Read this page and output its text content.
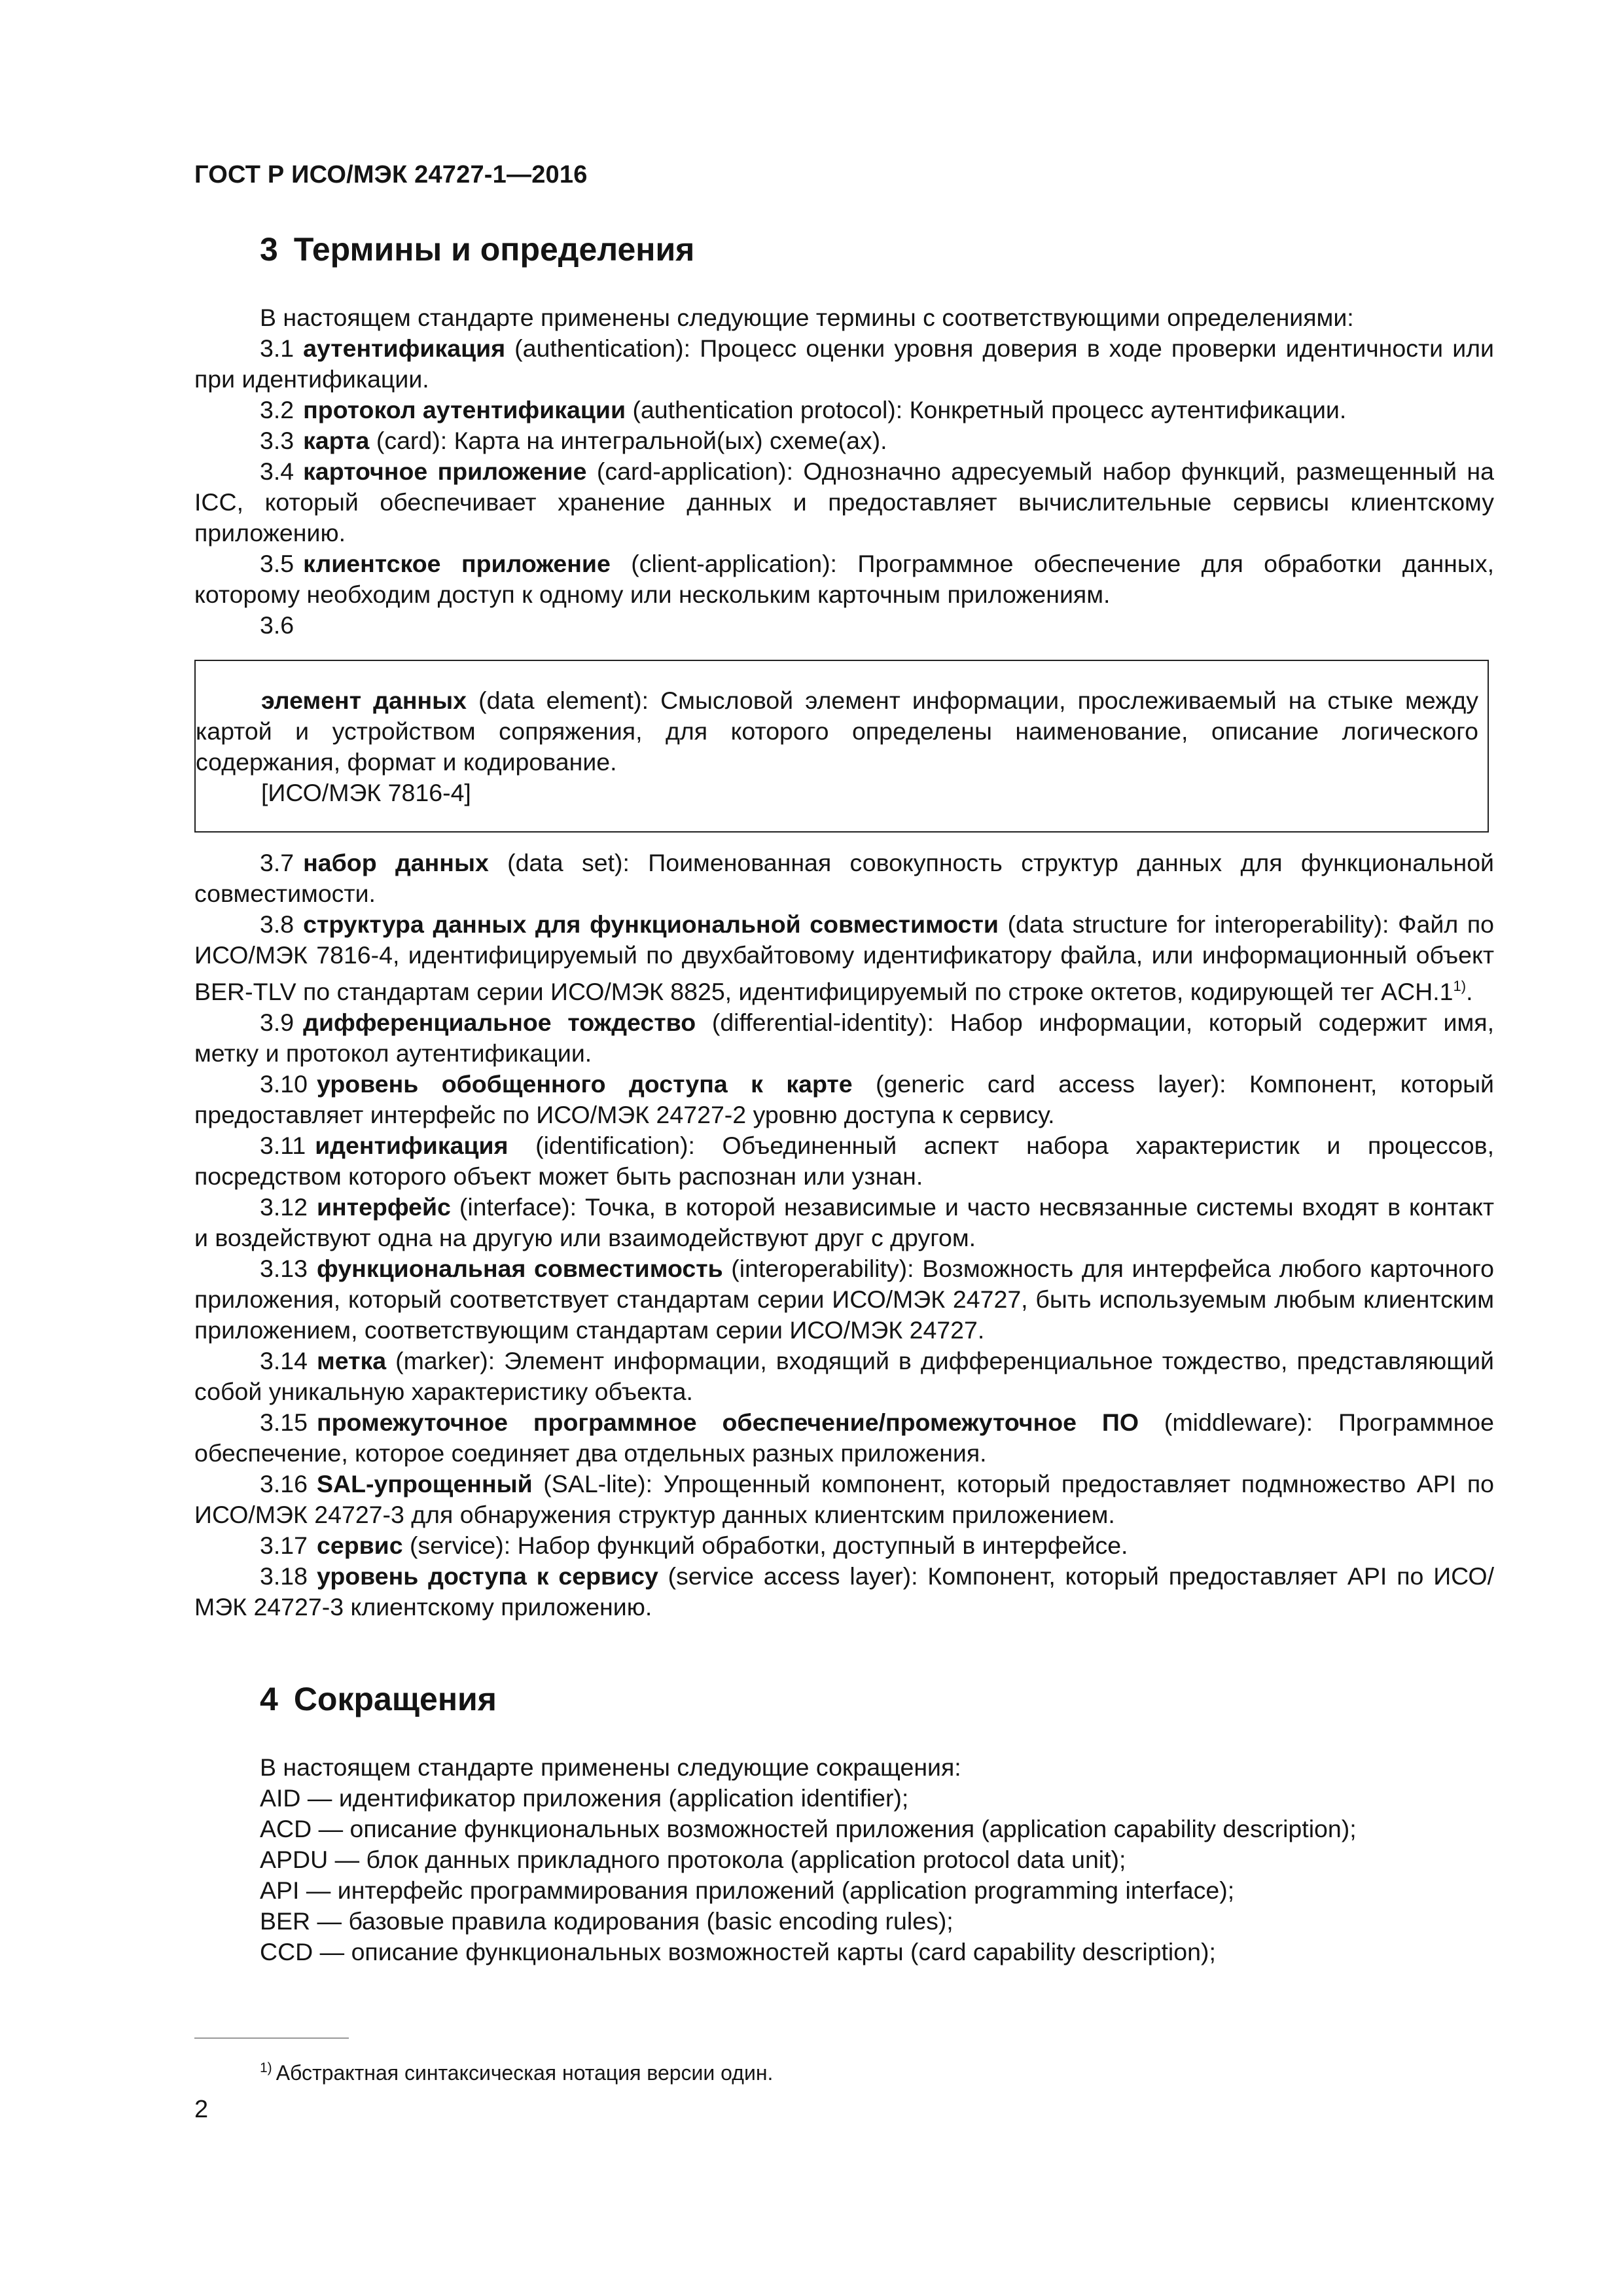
ГОСТ Р ИСО/МЭК 24727-1—2016
3 Термины и определения

В настоящем стандарте применены следующие термины с соответствующими определениями:

3.1 аутентификация (authentication): Процесс оценки уровня доверия в ходе проверки идентичности или при идентификации.

3.2 протокол аутентификации (authentication protocol): Конкретный процесс аутентификации.

3.3 карта (card): Карта на интегральной(ых) схеме(ах).

3.4 карточное приложение (card-application): Однозначно адресуемый набор функций, размещенный на ICC, который обеспечивает хранение данных и предоставляет вычислительные сервисы клиентскому приложению.

3.5 клиентское приложение (client-application): Программное обеспечение для обработки данных, которому необходим доступ к одному или нескольким карточным приложениям.

3.6

элемент данных (data element): Смысловой элемент информации, прослеживаемый на стыке между картой и устройством сопряжения, для которого определены наименование, описание логического содержания, формат и кодирование.

[ИСО/МЭК 7816-4]

3.7 набор данных (data set): Поименованная совокупность структур данных для функциональной совместимости.

3.8 структура данных для функциональной совместимости (data structure for interoperability): Файл по ИСО/МЭК 7816-4, идентифицируемый по двухбайтовому идентификатору файла, или информационный объект BER-TLV по стандартам серии ИСО/МЭК 8825, идентифицируемый по строке октетов, кодирующей тег ACH.1$^{1)}$.

3.9 дифференциальное тождество (differential-identity): Набор информации, который содержит имя, метку и протокол аутентификации.

3.10 уровень обобщенного доступа к карте (generic card access layer): Компонент, который предоставляет интерфейс по ИСО/МЭК 24727-2 уровню доступа к сервису.

3.11 идентификация (identification): Объединенный аспект набора характеристик и процессов, посредством которого объект может быть распознан или узнан.

3.12 интерфейс (interface): Точка, в которой независимые и часто несвязанные системы входят в контакт и воздействуют одна на другую или взаимодействуют друг с другом.

3.13 функциональная совместимость (interoperability): Возможность для интерфейса любого карточного приложения, который соответствует стандартам серии ИСО/МЭК 24727, быть используемым любым клиентским приложением, соответствующим стандартам серии ИСО/МЭК 24727.

3.14 метка (marker): Элемент информации, входящий в дифференциальное тождество, представляющий собой уникальную характеристику объекта.

3.15 промежуточное программное обеспечение/промежуточное ПО (middleware): Программное обеспечение, которое соединяет два отдельных разных приложения.

3.16 SAL-упрощенный (SAL-lite): Упрощенный компонент, который предоставляет подмножество API по ИСО/МЭК 24727-3 для обнаружения структур данных клиентским приложением.

3.17 сервис (service): Набор функций обработки, доступный в интерфейсе.

3.18 уровень доступа к сервису (service access layer): Компонент, который предоставляет API по ИСО/МЭК 24727-3 клиентскому приложению.

4 Сокращения

В настоящем стандарте применены следующие сокращения:

AID — идентификатор приложения (application identifier);
ACD — описание функциональных возможностей приложения (application capability description);
APDU — блок данных прикладного протокола (application protocol data unit);
API — интерфейс программирования приложений (application programming interface);
BER — базовые правила кодирования (basic encoding rules);
CCD — описание функциональных возможностей карты (card capability description);
$^{1)}$ Абстрактная синтаксическая нотация версии один.
2
